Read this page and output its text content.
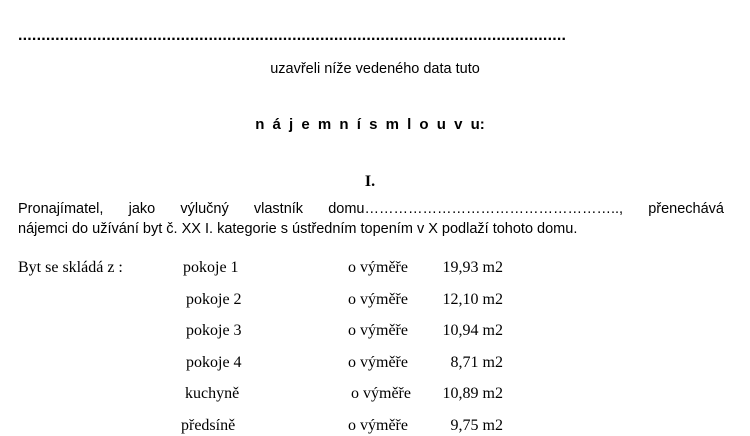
......................................................................................................................
uzavřeli níže vedeného data tuto
n á j e m n í s m l o u v u:
I.
Pronajímatel, jako výlučný vlastník domu…………………………………………….., přenechává
nájemci do užívání byt č. XX I. kategorie s ústředním topením v X podlaží tohoto domu.
Byt se skládá z :	pokoje 1	o výměře 19,93 m2
pokoje 2	o výměře 12,10 m2
pokoje 3	o výměře 10,94 m2
pokoje 4	o výměře	8,71 m2
kuchyně	o výměře 10,89 m2
předsíně	o výměře	9,75 m2
